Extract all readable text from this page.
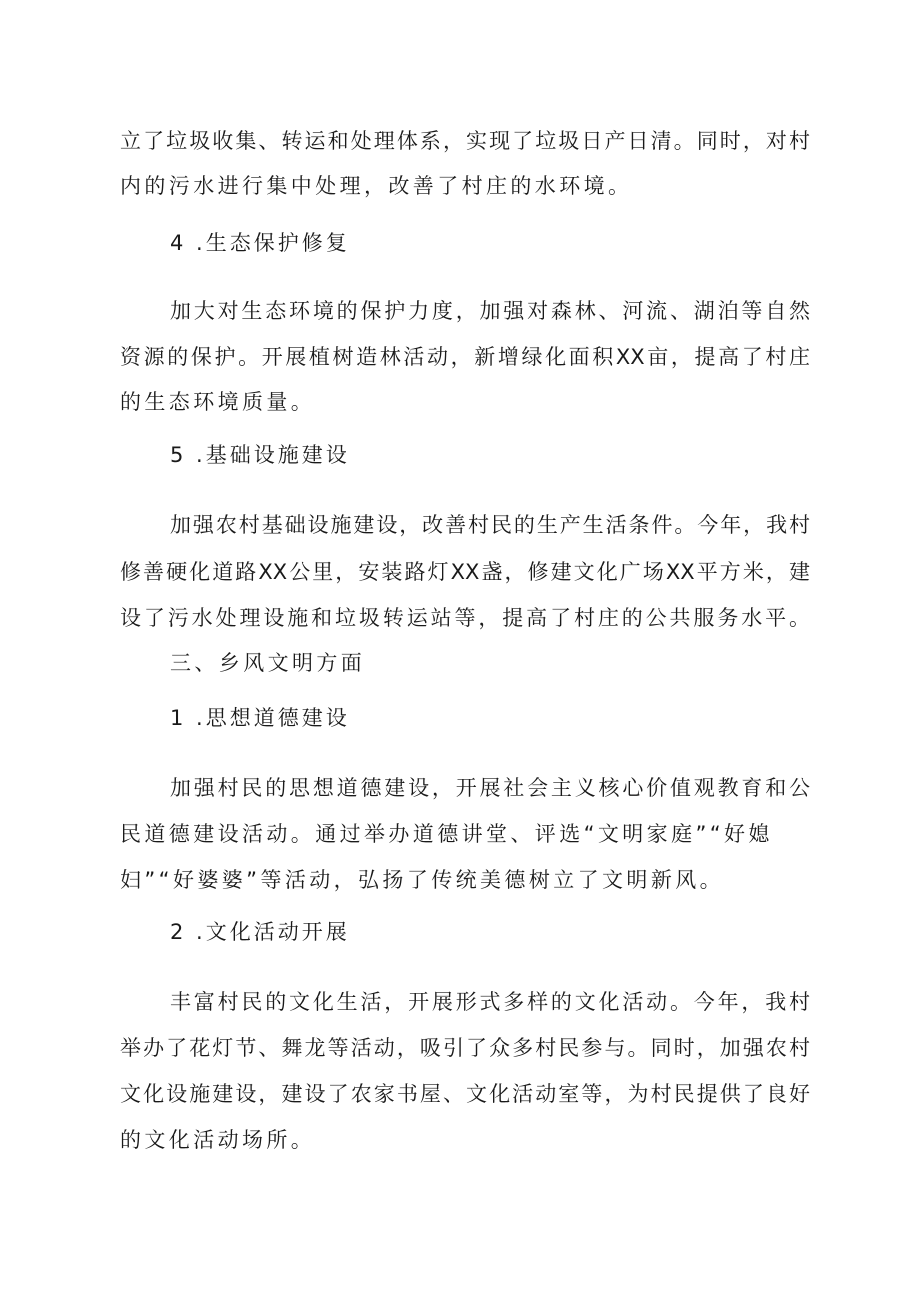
立了垃圾收集、转运和处理体系，实现了垃圾日产日清。同时，对村
内的污水进行集中处理，改善了村庄的水环境。
4 .生态保护修复
加大对生态环境的保护力度，加强对森林、河流、湖泊等自然
资源的保护。开展植树造林活动，新增绿化面积XX亩，提高了村庄
的生态环境质量。
5 .基础设施建设
加强农村基础设施建设，改善村民的生产生活条件。今年，我村
修善硬化道路XX公里，安装路灯XX盏，修建文化广场XX平方米，建
设了污水处理设施和垃圾转运站等，提高了村庄的公共服务水平。
三、乡风文明方面
1 .思想道德建设
加强村民的思想道德建设，开展社会主义核心价值观教育和公
民道德建设活动。通过举办道德讲堂、评选“文明家庭”“好媳
妇”“好婆婆”等活动，弘扬了传统美德树立了文明新风。
2 .文化活动开展
丰富村民的文化生活，开展形式多样的文化活动。今年，我村
举办了花灯节、舞龙等活动，吸引了众多村民参与。同时，加强农村
文化设施建设，建设了农家书屋、文化活动室等，为村民提供了良好
的文化活动场所。
